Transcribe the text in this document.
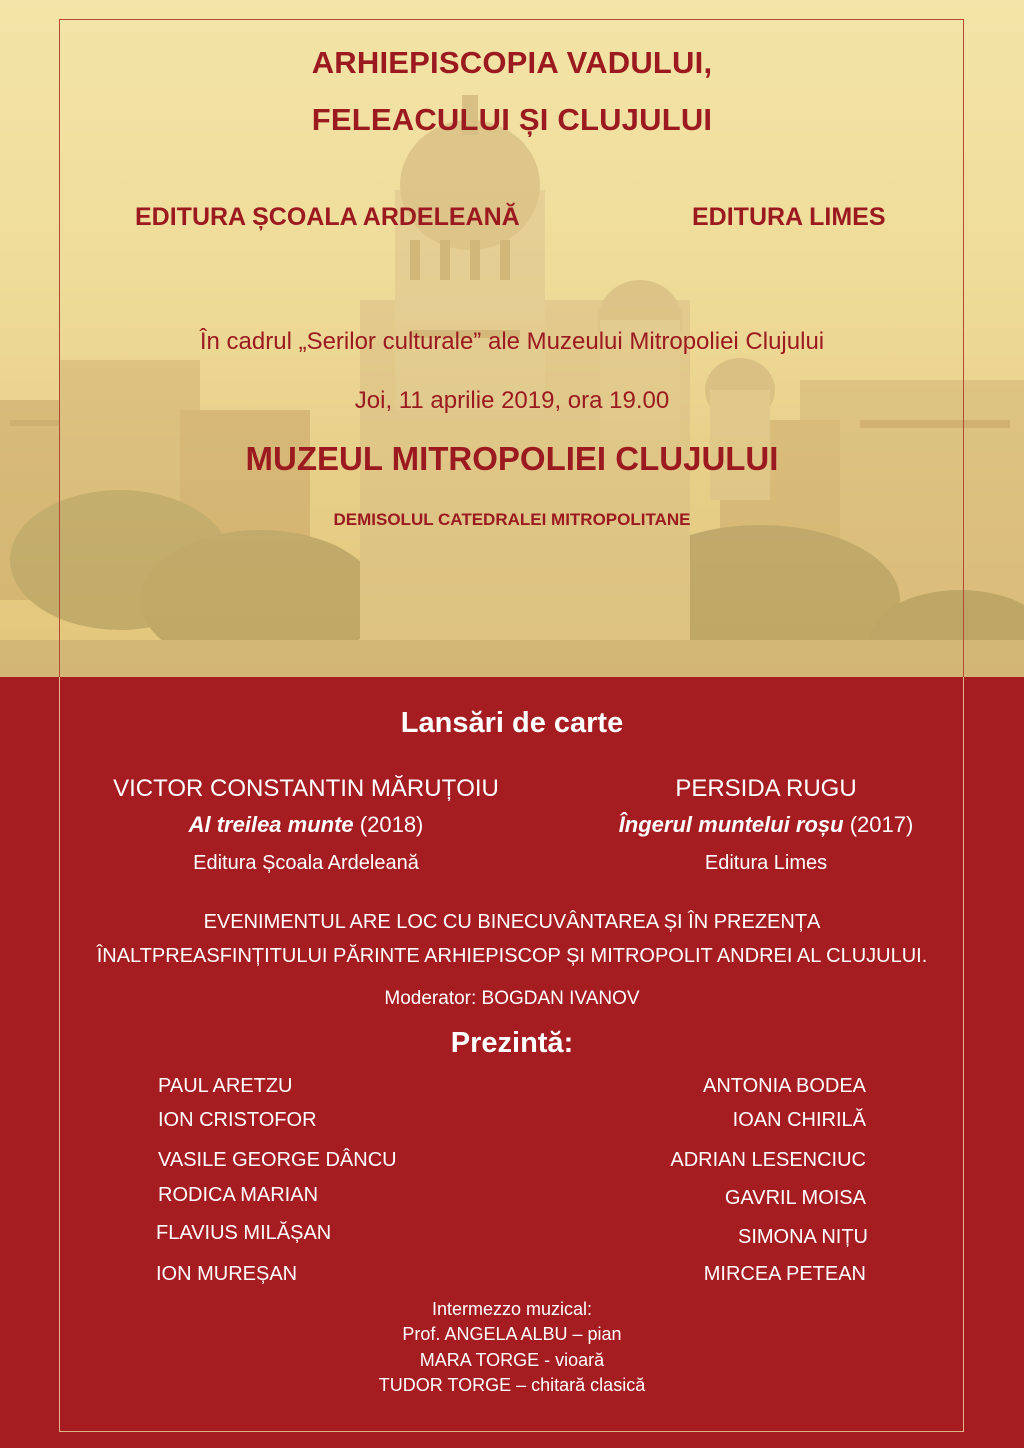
ARHIEPISCOPIA VADULUI,
FELEACULUI ȘI CLUJULUI
EDITURA ȘCOALA ARDELEANĂ	EDITURA LIMES
În cadrul „Serilor culturale” ale Muzeului Mitropoliei Clujului
Joi, 11 aprilie 2019, ora 19.00
MUZEUL MITROPOLIEI CLUJULUI
DEMISOLUL CATEDRALEI MITROPOLITANE
Lansări de carte
VICTOR CONSTANTIN MĂRUȚOIU
Al treilea munte (2018)
Editura Școala Ardeleană
PERSIDA RUGU
Îngerul muntelui roșu (2017)
Editura Limes
EVENIMENTUL ARE LOC CU BINECUVÂNTAREA ȘI ÎN PREZENȚA
ÎNALTPREASFINȚITULUI PĂRINTE ARHIEPISCOP ȘI MITROPOLIT ANDREI AL CLUJULUI.
Moderator: BOGDAN IVANOV
Prezintă:
PAUL ARETZU
ION CRISTOFOR
VASILE GEORGE DÂNCU
RODICA MARIAN
FLAVIUS MILĂȘAN
ION MUREȘAN
ANTONIA BODEA
IOAN CHIRILĂ
ADRIAN LESENCIUC
GAVRIL MOISA
SIMONA NIȚU
MIRCEA PETEAN
Intermezzo muzical:
Prof. ANGELA ALBU – pian
MARA TORGE - vioară
TUDOR TORGE – chitară clasică
